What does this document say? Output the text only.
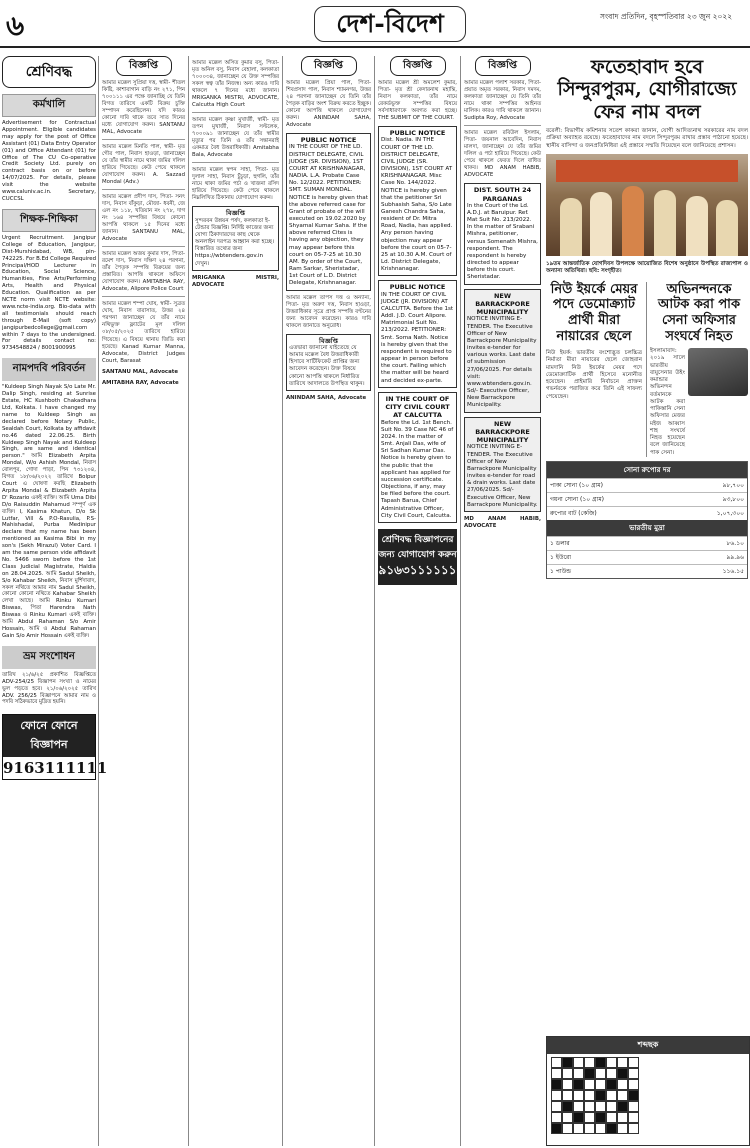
৬	দেশ-বিদেশ	সংবাদ প্রতিদিন, বৃহস্পতিবার ২৩ জুন ২০২২
শ্রেণিবদ্ধ
কর্মখালি
Advertisement for Contractual Appointment. Eligible candidates may apply for the post of Office Assistant (01) Data Entry Operator (01) and Office Attendant (01) for Office of The CU Co-operative Credit Society Ltd. purely on contract basis on or before 14/07/2025. For details, please visit the website www.caluniv.ac.in. Secretary, CUCCSL
শিক্ষক-শিক্ষিকা
Urgent Recruitment. Jangipur College of Education, Jangipur, Dist-Murshidabad, WB, pin-742225. For B.Ed College Required Principal/HOD Lecturer in Education, Social Science, Humanities, Fine Arts/Performing Arts, Health and Physical Education. Qualification as per NCTE norm visit NCTE website: www.ncte-india.org. Bio-data with all testimonials should reach through E-Mail (soft copy) jangipurbedcollege@gmail.com within 7 days to the undersigned. For details contact no: 9734548824 / 8001900995
নামপদবি পরিবর্তন
"Kuldeep Singh Nayak S/o Late Mr. Dalip Singh, residing at Sunrise Estate, HC Kushboth Chakadhara Ltd, Kolkata. I have changed my name to Kuldeep Singh as declared before Notary Public, Sealdah Court, Kolkata by affidavit no.46 dated 22.06.25. Birth Kuldeep Singh Nayak and Kuldeep Singh, are same and identical person." আমি Elizabeth Arpita Mondal, W/o Ashish Mondal, নিবাস বোলপুর, গোদা পাড়া, পিন ৭৩১২০৪, বিগত ১৮/০৬/২০২২ তারিখে Bolpur Court এ ঘোষণা করছি Elizabeth Arpita Mondal & Elizabeth Arpita D' Rozario একই ব্যক্তি। আমি Uma Dibi D/o Raisuddin Mahamud সম্পূর্ণ এক ব্যক্তি। I, Kasima Khatun, D/o Sk Lutfar, Vill & P.O-Rasulia, P.S-Mahishadal, Purba Medinipur declare that my name has been mentioned as Kasima Bibi in my son's (Sekh Mirazul) Voter Card. I am the same person vide affidavit No. 5466 sworn before the 1st Class Judicial Magistrate, Haldia on 28.04.2025. আমি Sadul Sheikh, S/o Kahabar Sheikh, নিবাস মুর্শিদাবাদ, সকল নথিতে আমার নাম Sadul Sheikh, কোনো কোনো নথিতে Kahabar Sheikh লেখা আছে। আমি Rinku Kumari Biswas, পিতা Harendra Nath Biswas ও Rinku Kumari একই ব্যক্তি। আমি Abdul Rahaman S/o Amir Hossain, আমি ও Abdul Rahaman Gain S/o Amir Hossain একই ব্যক্তি।
ভ্রম সংশোধন
তারিখ ২১/৬/২৫ প্রকাশিত বিজ্ঞপ্তিতে ADV-254/25 বিজ্ঞাপন সংখ্যা ও নামের ভুল পড়তে হবে। ২১/০৬/২০২৫ তারিখ ADV. 256/25 বিজ্ঞাপনে আমার নাম ও পদবি সঠিকভাবে মুদ্রিত হয়নি।
ফোনে ফোনে বিজ্ঞাপন
9163111111
বিজ্ঞপ্তি
আমার মক্কেল সুপ্রিয়া দত্ত, স্বামী- শীতল কিষ্টি, কাশাবাগান বাড়ি নং ২৭১, পিন ৭০০১১১ এর পক্ষে জানাচ্ছি যে তিনি বিগত তারিখে একটি বিক্রয় চুক্তি সম্পাদন করেছিলেন। যদি কারও কোনো দাবি থাকে তবে সাত দিনের মধ্যে যোগাযোগ করুন। SANTANU MAL, Advocate
আমার মক্কেল মিনতি পাল, স্বামী- মৃত গৌর পাল, নিবাস হাওড়া, জানাচ্ছেন যে তাঁর স্বামীর নামে থাকা জমির দলিল হারিয়ে গিয়েছে। কেউ পেয়ে থাকলে যোগাযোগ করুন। A. Sazzad Mondal (Adv.)
আমার মক্কেল প্রদীপ দাস, পিতা- সনৎ দাস, নিবাস বাঁকুড়া, মৌজা- ধবনী, জে এল নং ১১৮, খতিয়ান নং ২৭৮, দাগ নং ১৬৪ সম্পত্তির বিষয়ে কোনো আপত্তি থাকলে ১৫ দিনের মধ্যে জানান। SANTANU MAL, Advocate
আমার মক্কেল অজয় কুমার দাস, পিতা- রমেশ দাস, নিবাস দক্ষিণ ২৪ পরগনা, তাঁর পৈতৃক সম্পত্তি বিক্রয়ের জন্য প্রস্তাবিত। আপত্তি থাকলে অফিসে যোগাযোগ করুন। AMITABHA RAY, Advocate, Alipore Police Court
আমার মক্কেল শম্পা ঘোষ, স্বামী- সুব্রত ঘোষ, নিবাস বারাসাত, উত্তর ২৪ পরগনা জানাচ্ছেন যে তাঁর নামে নথিভুক্ত ফ্ল্যাটের মূল দলিল ০৮/০৫/২০২৫ তারিখে হারিয়ে গিয়েছে। এ বিষয়ে থানায় জিডি করা হয়েছে। Kanad Kumar Manna, Advocate, District Judges Court, Barasat
SANTANU MAL, Advocate
AMITABHA RAY, Advocate
আমার মক্কেল অসিত কুমার বসু, পিতা- মৃত অনিল বসু, নিবাস বেহালা, কলকাতা ৭০০০৩৪, জানাচ্ছেন যে উক্ত সম্পত্তির সকল স্বত্ব তাঁর নিজস্ব। অন্য কারও দাবি থাকলে ৭ দিনের মধ্যে জানান। MRIGANKA MISTRI, ADVOCATE, Calcutta High Court
আমার মক্কেল কৃষ্ণা মুখার্জী, স্বামী- মৃত তপন মুখার্জী, নিবাস সল্টলেক, ৭০০০৯১ জানাচ্ছেন যে তাঁর স্বামীর মৃত্যুর পর তিনি ও তাঁর সন্তানরাই একমাত্র বৈধ উত্তরাধিকারী। Amitabha Bala, Advocate
আমার মক্কেল স্বপন সাহা, পিতা- মৃত দুলাল সাহা, নিবাস চুঁচুড়া, হুগলি, তাঁর নামে থাকা জমির পর্চা ও খাজনা রসিদ হারিয়ে গিয়েছে। কেউ পেয়ে থাকলে নিম্নলিখিত ঠিকানায় যোগাযোগ করুন।
বিজ্ঞপ্তি
সুন্দরবন উন্নয়ন পর্ষদ, কলকাতা ই-টেন্ডার বিজ্ঞপ্তি। নির্দিষ্ট কাজের জন্য যোগ্য ঠিকাদারদের কাছ থেকে অনলাইন দরপত্র আহ্বান করা হচ্ছে। বিস্তারিত তথ্যের জন্য https://wbtenders.gov.in দেখুন।
MRIGANKA MISTRI, ADVOCATE
বিজ্ঞপ্তি
আমার মক্কেল প্রিয়া পাল, পিতা- শিবপ্রসাদ পাল, নিবাস শ্যামনগর, উত্তর ২৪ পরগনা জানাচ্ছেন যে তিনি তাঁর পৈতৃক বাড়ির অংশ বিক্রয় করতে ইচ্ছুক। কোনো আপত্তি থাকলে যোগাযোগ করুন। ANINDAM SAHA, Advocate
PUBLIC NOTICE
IN THE COURT OF THE LD. DISTRICT DELEGATE, CIVIL JUDGE (SR. DIVISION), 1ST COURT AT KRISHNANAGAR, NADIA. L.A. Probate Case No. 12/2022. PETITIONER: SMT. SUMAN MONDAL. NOTICE is hereby given that the above referred case for Grant of probate of the will executed on 19.02.2020 by Shyamal Kumar Saha. If the above referred Cites is having any objection, they may appear before this court on 05-7-25 at 10.30 AM. By order of the Court, Ram Sarkar, Sheristadar, 1st Court of L.D. District Delegate, Krishnanagar.
আমার মক্কেল তাপস দত্ত ও অন্যান্য, পিতা- মৃত অরুণ দত্ত, নিবাস হাওড়া, উত্তরাধিকার সূত্রে প্রাপ্ত সম্পত্তি বণ্টনের জন্য আবেদন করেছেন। কারও দাবি থাকলে জানাতে অনুরোধ।
বিজ্ঞপ্তি
এতদ্বারা জানানো যাইতেছে যে আমার মক্কেল বৈধ উত্তরাধিকারী হিসাবে সার্টিফিকেট প্রাপ্তির জন্য আবেদন করেছেন। উক্ত বিষয়ে কোনো আপত্তি থাকলে নির্ধারিত তারিখে আদালতে উপস্থিত থাকুন।
ANINDAM SAHA, Advocate
বিজ্ঞপ্তি
আমার মক্কেল শ্রী অমলেশ কুমার, পিতা- মৃত শ্রী কেদারনাথ মহান্তি, নিবাস কলকাতা, তাঁর নামে রেকর্ডভুক্ত সম্পত্তির বিষয়ে সর্বসাধারণকে অবগত করা হচ্ছে। THE SUBMIT OF THE COURT.
PUBLIC NOTICE
Dist. Nadia. IN THE COURT OF THE LD. DISTRICT DELEGATE, CIVIL JUDGE (SR. DIVISION), 1ST COURT AT KRISHNANAGAR. Misc Case No. 144/2022. NOTICE is hereby given that the petitioner Sri Subhasish Saha, S/o Late Ganesh Chandra Saha, resident of Dr. Mitra Road, Nadia, has applied. Any person having objection may appear before the court on 05-7-25 at 10.30 A.M. Court of Ld. District Delegate, Krishnanagar.
PUBLIC NOTICE
IN THE COURT OF CIVIL JUDGE (JR. DIVISION) AT CALCUTTA. Before the 1st Addl. J.D. Court Alipore. Matrimonial Suit No. 213/2022. PETITIONER: Smt. Soma Nath. Notice is hereby given that the respondent is required to appear in person before the court. Failing which the matter will be heard and decided ex-parte.
IN THE COURT OF CITY CIVIL COURT AT CALCUTTA
Before the Ld. 1st Bench. Suit No. 39 Case NC 46 of 2024. In the matter of Smt. Anjali Das, wife of Sri Sadhan Kumar Das. Notice is hereby given to the public that the applicant has applied for succession certificate. Objections, if any, may be filed before the court. Tapash Barua, Chief Administrative Officer, City Civil Court, Calcutta.
শ্রেণিবদ্ধ বিজ্ঞাপনের জন্য যোগাযোগ করুন
৯১৬৩১১১১১১
বিজ্ঞপ্তি
আমার মক্কেল পলাশ সরকার, পিতা- প্রয়াত অমৃত সরকার, নিবাস দমদম, কলকাতা জানাচ্ছেন যে তিনি তাঁর নামে থাকা সম্পত্তির আইনত মালিক। কারও দাবি থাকলে জানান। Sudipta Roy, Advocate
আমার মক্কেল রবিউল ইসলাম, পিতা- জয়নাল আবেদিন, নিবাস মালদা, জানাচ্ছেন যে তাঁর জমির দলিল ও পর্চা হারিয়ে গিয়েছে। কেউ পেয়ে থাকলে ফেরত দিলে বাধিত থাকব। MD ANAM HABIB, ADVOCATE
DIST. SOUTH 24 PARGANAS
In the Court of the Ld. A.D.J. at Baruipur. Ref. Mat Suit No. 213/2022. In the matter of Srabani Mishra, petitioner, versus Somenath Mishra, respondent. The respondent is hereby directed to appear before this court. Sheristadar.
NEW BARRACKPORE MUNICIPALITY
NOTICE INVITING E-TENDER. The Executive Officer of New Barrackpore Municipality invites e-tender for various works. Last date of submission 27/06/2025. For details visit: www.wbtenders.gov.in. Sd/- Executive Officer, New Barrackpore Municipality.
NEW BARRACKPORE MUNICIPALITY
NOTICE INVITING E-TENDER. The Executive Officer of New Barrackpore Municipality invites e-tender for road & drain works. Last date 27/06/2025. Sd/- Executive Officer, New Barrackpore Municipality.
MD ANAM HABIB, ADVOCATE
ফতেহাবাদ হবে সিন্দুরপুরম, যোগীরাজ্যে ফের নাম বদল
বরেলী: বিভাগীয় কমিশনার সতেশ কাকরা জানান, যোগী আদিত্যনাথ সরকারের নাম বদল প্রক্রিয়া অব্যাহত রয়েছে। ফতেহাবাদের নাম বদলে সিন্দুরপুরম রাখার প্রস্তাব পাঠানো হয়েছে। স্থানীয় বাসিন্দা ও জনপ্রতিনিধিরা এই প্রস্তাবে সম্মতি দিয়েছেন বলে জানিয়েছে প্রশাসন।
১৯তম আন্তর্জাতিক যোগদিবস উপলক্ষে আয়োজিত বিশেষ অনুষ্ঠানে উপস্থিত রাজ্যপাল ও অন্যান্য অতিথিরা। ছবি: সংগৃহীত।
নিউ ইয়র্কে মেয়র পদে ডেমোক্র্যাট প্রার্থী মীরা নায়ারের ছেলে
নিউ ইয়র্ক: ভারতীয় বংশোদ্ভূত চলচ্চিত্র নির্মাতা মীরা নায়ারের ছেলে জোহরান মামদানি নিউ ইয়র্কের মেয়র পদে ডেমোক্র্যাটিক প্রার্থী হিসেবে মনোনীত হয়েছেন। প্রাইমারি নির্বাচনে প্রাক্তন গভর্নরকে পরাজিত করে তিনি এই সাফল্য পেয়েছেন।
অভিনন্দনকে আটক করা পাক সেনা অফিসার সংঘর্ষে নিহত
ইসলামাবাদ: ২০১৯ সালে ভারতীয় বায়ুসেনার উইং কমান্ডার অভিনন্দন বর্তমানকে আটক করা পাকিস্তানি সেনা অফিসার মেজর মইজ আব্বাস শাহ সংঘর্ষে নিহত হয়েছেন বলে জানিয়েছে পাক সেনা।
সোনা রুপোর দর
পাকা সোনা (১০ গ্রাম)	৯৮,৭০০
গয়না সোনা (১০ গ্রাম)	৯৩,৮০০
রুপোর বাট (কেজি)	১,০৭,৩০০
ভারতীয় মুদ্রা
১ ডলার	৮৬.১০
১ ইউরো	৯৯.৯৬
১ পাউন্ড	১১৬.১৫
শব্দছক
